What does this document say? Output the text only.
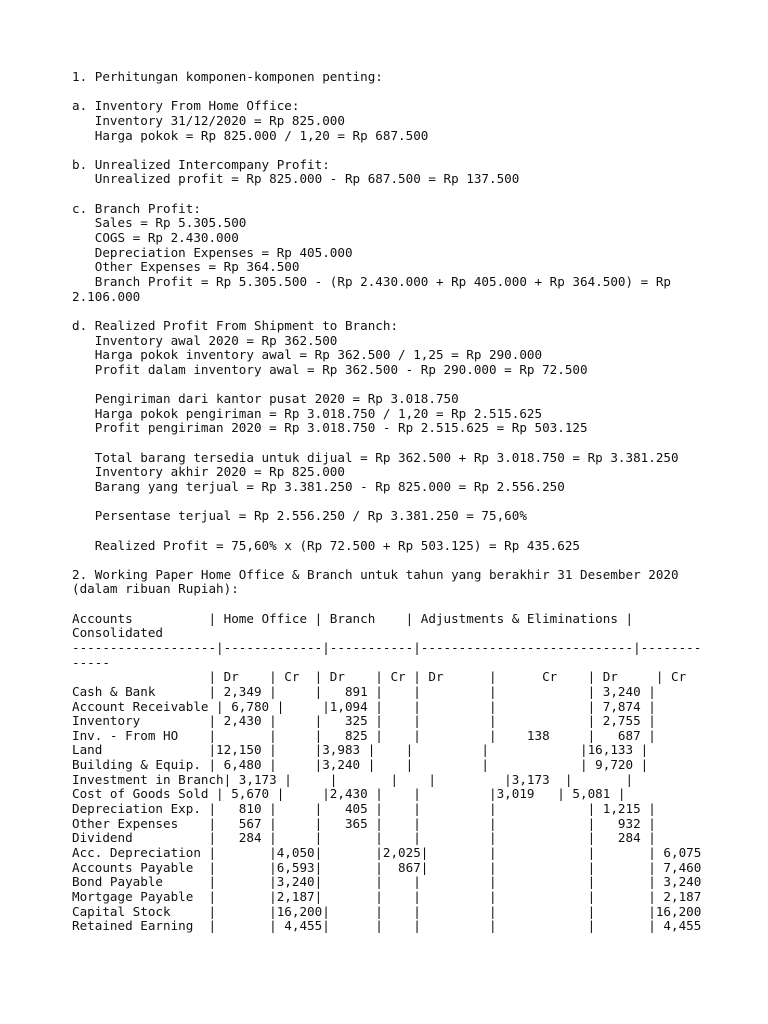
1. Perhitungan komponen-komponen penting:
a. Inventory From Home Office:
Inventory 31/12/2020 = Rp 825.000
Harga pokok = Rp 825.000 / 1,20 = Rp 687.500
b. Unrealized Intercompany Profit:
Unrealized profit = Rp 825.000 - Rp 687.500 = Rp 137.500
c. Branch Profit:
Sales = Rp 5.305.500
COGS = Rp 2.430.000
Depreciation Expenses = Rp 405.000
Other Expenses = Rp 364.500
Branch Profit = Rp 5.305.500 - (Rp 2.430.000 + Rp 405.000 + Rp 364.500) = Rp
2.106.000
d. Realized Profit From Shipment to Branch:
Inventory awal 2020 = Rp 362.500
Harga pokok inventory awal = Rp 362.500 / 1,25 = Rp 290.000
Profit dalam inventory awal = Rp 362.500 - Rp 290.000 = Rp 72.500
Pengiriman dari kantor pusat 2020 = Rp 3.018.750
Harga pokok pengiriman = Rp 3.018.750 / 1,20 = Rp 2.515.625
Profit pengiriman 2020 = Rp 3.018.750 - Rp 2.515.625 = Rp 503.125
Total barang tersedia untuk dijual = Rp 362.500 + Rp 3.018.750 = Rp 3.381.250
Inventory akhir 2020 = Rp 825.000
Barang yang terjual = Rp 3.381.250 - Rp 825.000 = Rp 2.556.250
Persentase terjual = Rp 2.556.250 / Rp 3.381.250 = 75,60%
Realized Profit = 75,60% x (Rp 72.500 + Rp 503.125) = Rp 435.625
2. Working Paper Home Office & Branch untuk tahun yang berakhir 31 Desember 2020
(dalam ribuan Rupiah):
Accounts          | Home Office | Branch    | Adjustments & Eliminations |
Consolidated
-------------------|-------------|-----------|----------------------------|--------
-----
| Dr    | Cr  | Dr    | Cr | Dr      |      Cr    | Dr     | Cr
Cash & Bank       | 2,349 |     |   891 |    |         |            | 3,240 |
Account Receivable | 6,780 |     |1,094 |    |         |            | 7,874 |
Inventory         | 2,430 |     |   325 |    |         |            | 2,755 |
Inv. - From HO    |       |     |   825 |    |         |    138     |   687 |
Land              |12,150 |     |3,983 |    |         |            |16,133 |
Building & Equip. | 6,480 |     |3,240 |    |         |            | 9,720 |
Investment in Branch| 3,173 |     |       |    |         |3,173  |       |
Cost of Goods Sold | 5,670 |     |2,430 |    |         |3,019   | 5,081 |
Depreciation Exp. |   810 |     |   405 |    |         |            | 1,215 |
Other Expenses    |   567 |     |   365 |    |         |            |   932 |
Dividend          |   284 |     |       |    |         |            |   284 |
Acc. Depreciation |       |4,050|       |2,025|        |            |       | 6,075
Accounts Payable  |       |6,593|       |  867|        |            |       | 7,460
Bond Payable      |       |3,240|       |    |         |            |       | 3,240
Mortgage Payable  |       |2,187|       |    |         |            |       | 2,187
Capital Stock     |       |16,200|      |    |         |            |       |16,200
Retained Earning  |       | 4,455|      |    |         |            |       | 4,455
